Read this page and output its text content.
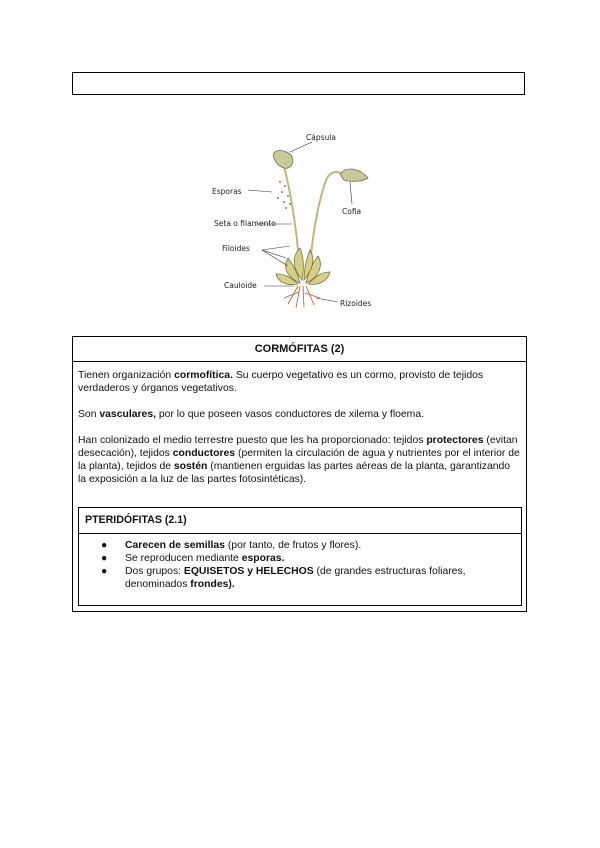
Cápsula
Esporas
Cofia
Seta o filamento
Filoides
Cauloide
Rizoides
CORMÓFITAS (2)

Tienen organización cormofítica. Su cuerpo vegetativo es un cormo, provisto de tejidos verdaderos y órganos vegetativos.

Son vasculares, por lo que poseen vasos conductores de xilema y floema.

Han colonizado el medio terrestre puesto que les ha proporcionado: tejidos protectores (evitan desecación), tejidos conductores (permiten la circulación de agua y nutrientes por el interior de la planta), tejidos de sostén (mantienen erguidas las partes aéreas de la planta, garantizando la exposición a la luz de las partes fotosintéticas).

PTERIDÓFITAS (2.1)
● Carecen de semillas (por tanto, de frutos y flores).
● Se reproducen mediante esporas.
● Dos grupos: EQUISETOS y HELECHOS (de grandes estructuras foliares, denominados frondes).
